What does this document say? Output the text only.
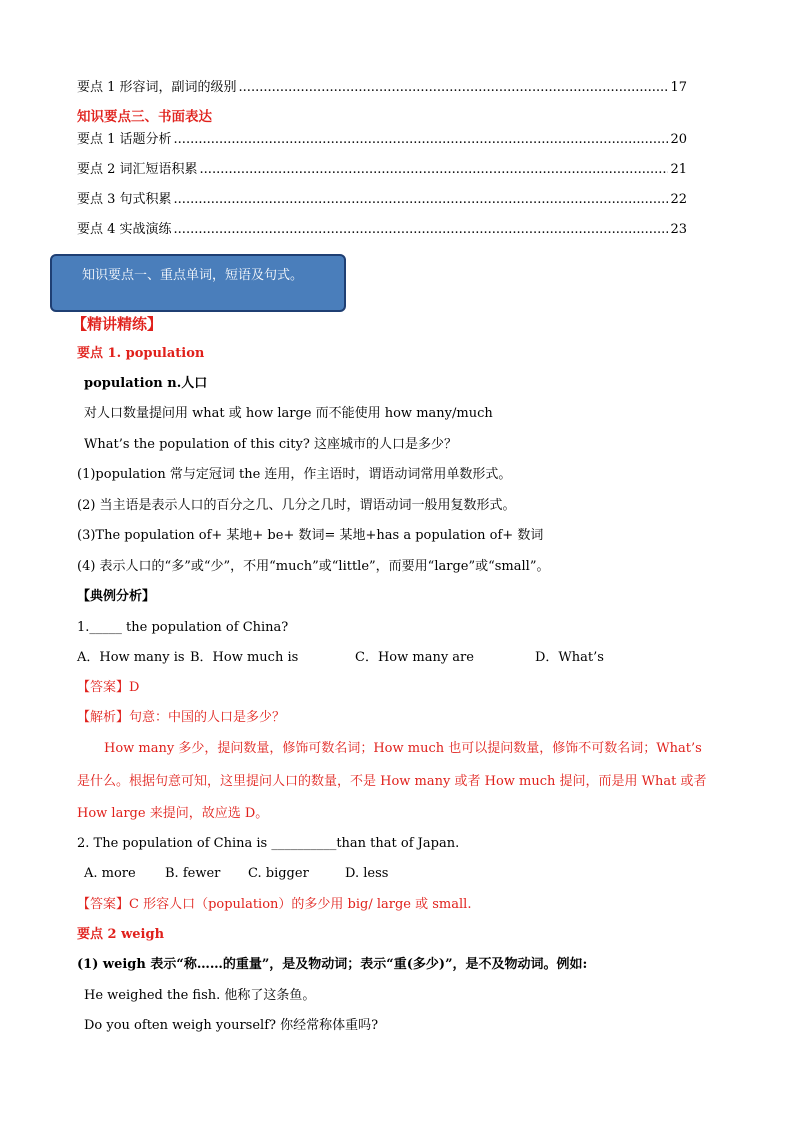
要点 1 形容词，副词的级别 .....	17
知识要点三、书面表达
要点 1 话题分析 .....	20
要点 2 词汇短语积累 .....	21
要点 3 句式积累 .....	22
要点 4 实战演练 .....	23
知识要点一、重点单词，短语及句式。
【精讲精练】
要点 1. population
population n.人口
对人口数量提问用 what 或 how large 而不能使用 how many/much
What’s the population of this city? 这座城市的人口是多少？
(1)population 常与定冠词 the 连用，作主语时，谓语动词常用单数形式。
(2) 当主语是表示人口的百分之几、几分之几时，谓语动词一般用复数形式。
(3)The population of+ 某地+ be+ 数词= 某地+has a population of+ 数词
(4) 表示人口的“多”或“少”，不用“much”或“little”，而要用“large”或“small”。
【典例分析】
1._____ the population of China?
A．How many is B．How much is	C．How many are	D．What’s
【答案】D
【解析】句意：中国的人口是多少？
How many 多少，提问数量，修饰可数名词；How much 也可以提问数量，修饰不可数名词；What’s
是什么。根据句意可知，这里提问人口的数量，不是 How many 或者 How much 提问，而是用 What 或者
How large 来提问，故应选 D。
2. The population of China is __________than that of Japan.
A. more B. fewer C. bigger	D. less
【答案】C 形容人口（population）的多少用 big/ large 或 small.
要点 2 weigh
(1) weigh 表示“称……的重量”，是及物动词；表示“重(多少)”，是不及物动词。例如:
He weighed the fish. 他称了这条鱼。
Do you often weigh yourself? 你经常称体重吗?
